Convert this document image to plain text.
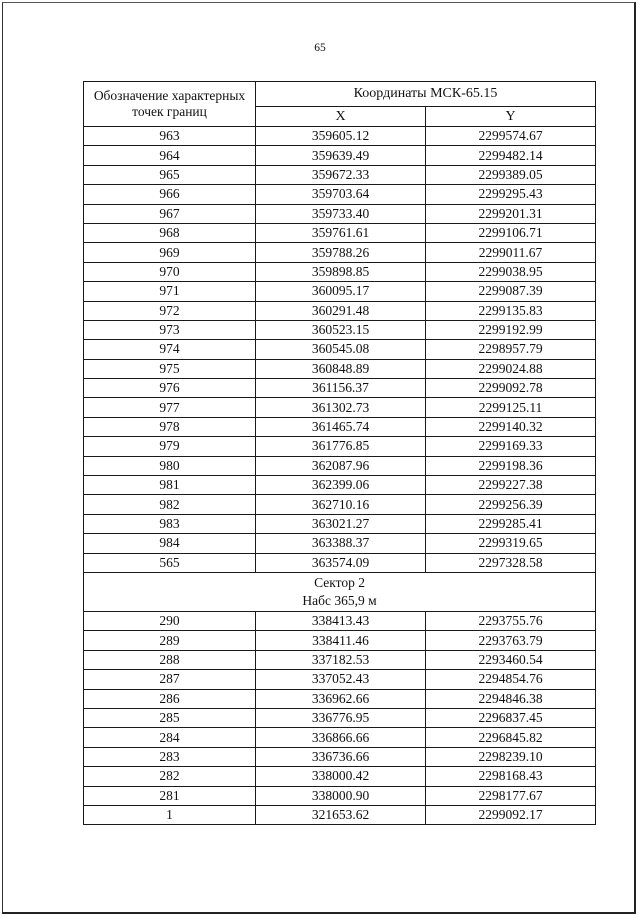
65
Обозначение характерных точек границ	Координаты МСК-65.15	
	X	Y
963	359605.12	2299574.67
964	359639.49	2299482.14
965	359672.33	2299389.05
966	359703.64	2299295.43
967	359733.40	2299201.31
968	359761.61	2299106.71
969	359788.26	2299011.67
970	359898.85	2299038.95
971	360095.17	2299087.39
972	360291.48	2299135.83
973	360523.15	2299192.99
974	360545.08	2298957.79
975	360848.89	2299024.88
976	361156.37	2299092.78
977	361302.73	2299125.11
978	361465.74	2299140.32
979	361776.85	2299169.33
980	362087.96	2299198.36
981	362399.06	2299227.38
982	362710.16	2299256.39
983	363021.27	2299285.41
984	363388.37	2299319.65
565	363574.09	2297328.58

Сектор 2
Набс 365,9 м		

290	338413.43	2293755.76
289	338411.46	2293763.79
288	337182.53	2293460.54
287	337052.43	2294854.76
286	336962.66	2294846.38
285	336776.95	2296837.45
284	336866.66	2296845.82
283	336736.66	2298239.10
282	338000.42	2298168.43
281	338000.90	2298177.67
1	321653.62	2299092.17
